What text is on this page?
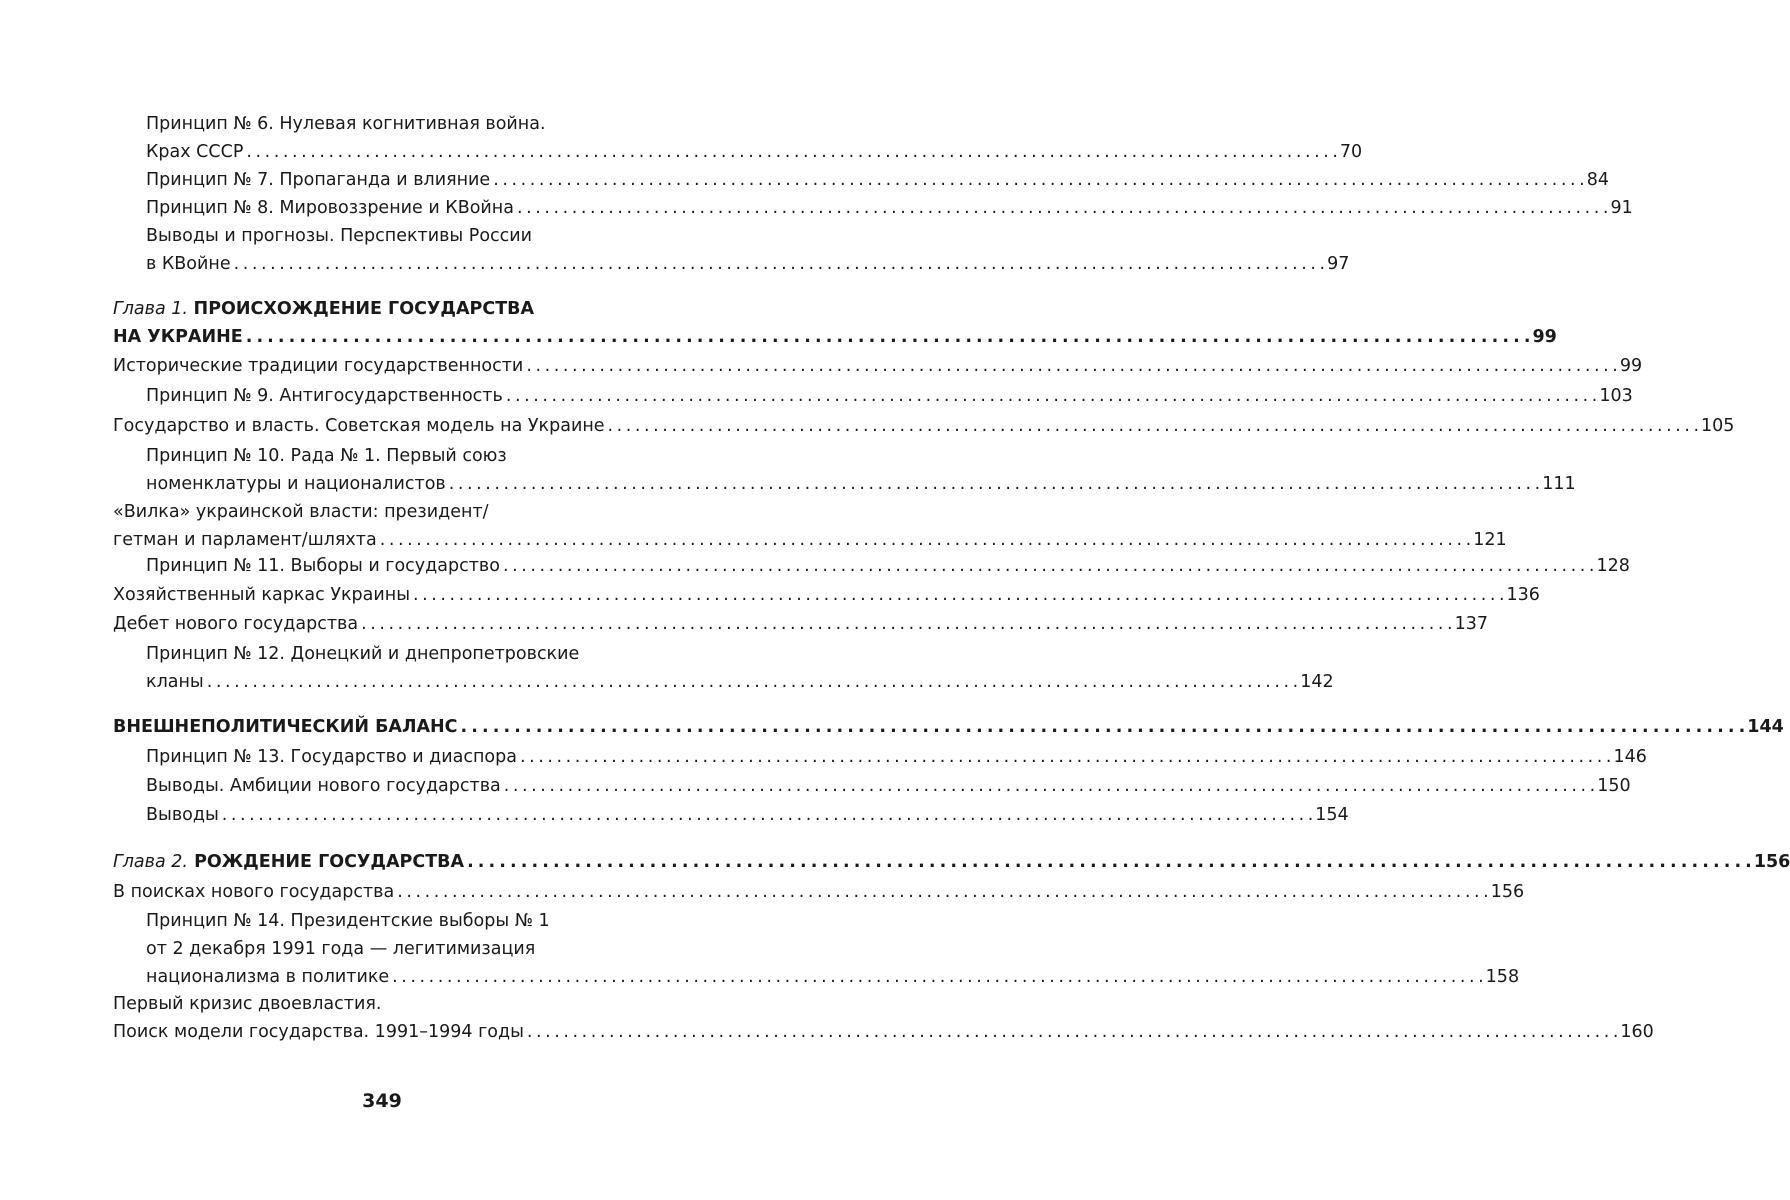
Принцип № 6. Нулевая когнитивная война.
Крах СССР . . .	70
Принцип № 7. Пропаганда и влияние . . .	84
Принцип № 8. Мировоззрение и КВойна . . .	91
Выводы и прогнозы. Перспективы России
в КВойне . . .	97
Глава 1. ПРОИСХОЖДЕНИЕ ГОСУДАРСТВА
НА УКРАИНЕ . . .	99
Исторические традиции государственности . . .	99
Принцип № 9. Антигосударственность . . .	103
Государство и власть. Советская модель на Украине . . .	105
Принцип № 10. Рада № 1. Первый союз
номенклатуры и националистов . . .	111
«Вилка» украинской власти: президент/
гетман и парламент/шляхта . . .	121
Принцип № 11. Выборы и государство . . .	128
Хозяйственный каркас Украины . . .	136
Дебет нового государства . . .	137
Принцип № 12. Донецкий и днепропетровские
кланы . . .	142
ВНЕШНЕПОЛИТИЧЕСКИЙ БАЛАНС . . .	144
Принцип № 13. Государство и диаспора . . .	146
Выводы. Амбиции нового государства . . .	150
Выводы . . .	154
Глава 2. РОЖДЕНИЕ ГОСУДАРСТВА . . .	156
В поисках нового государства . . .	156
Принцип № 14. Президентские выборы № 1
от 2 декабря 1991 года — легитимизация
национализма в политике . . .	158
Первый кризис двоевластия.
Поиск модели государства. 1991–1994 годы . . .	160
349
